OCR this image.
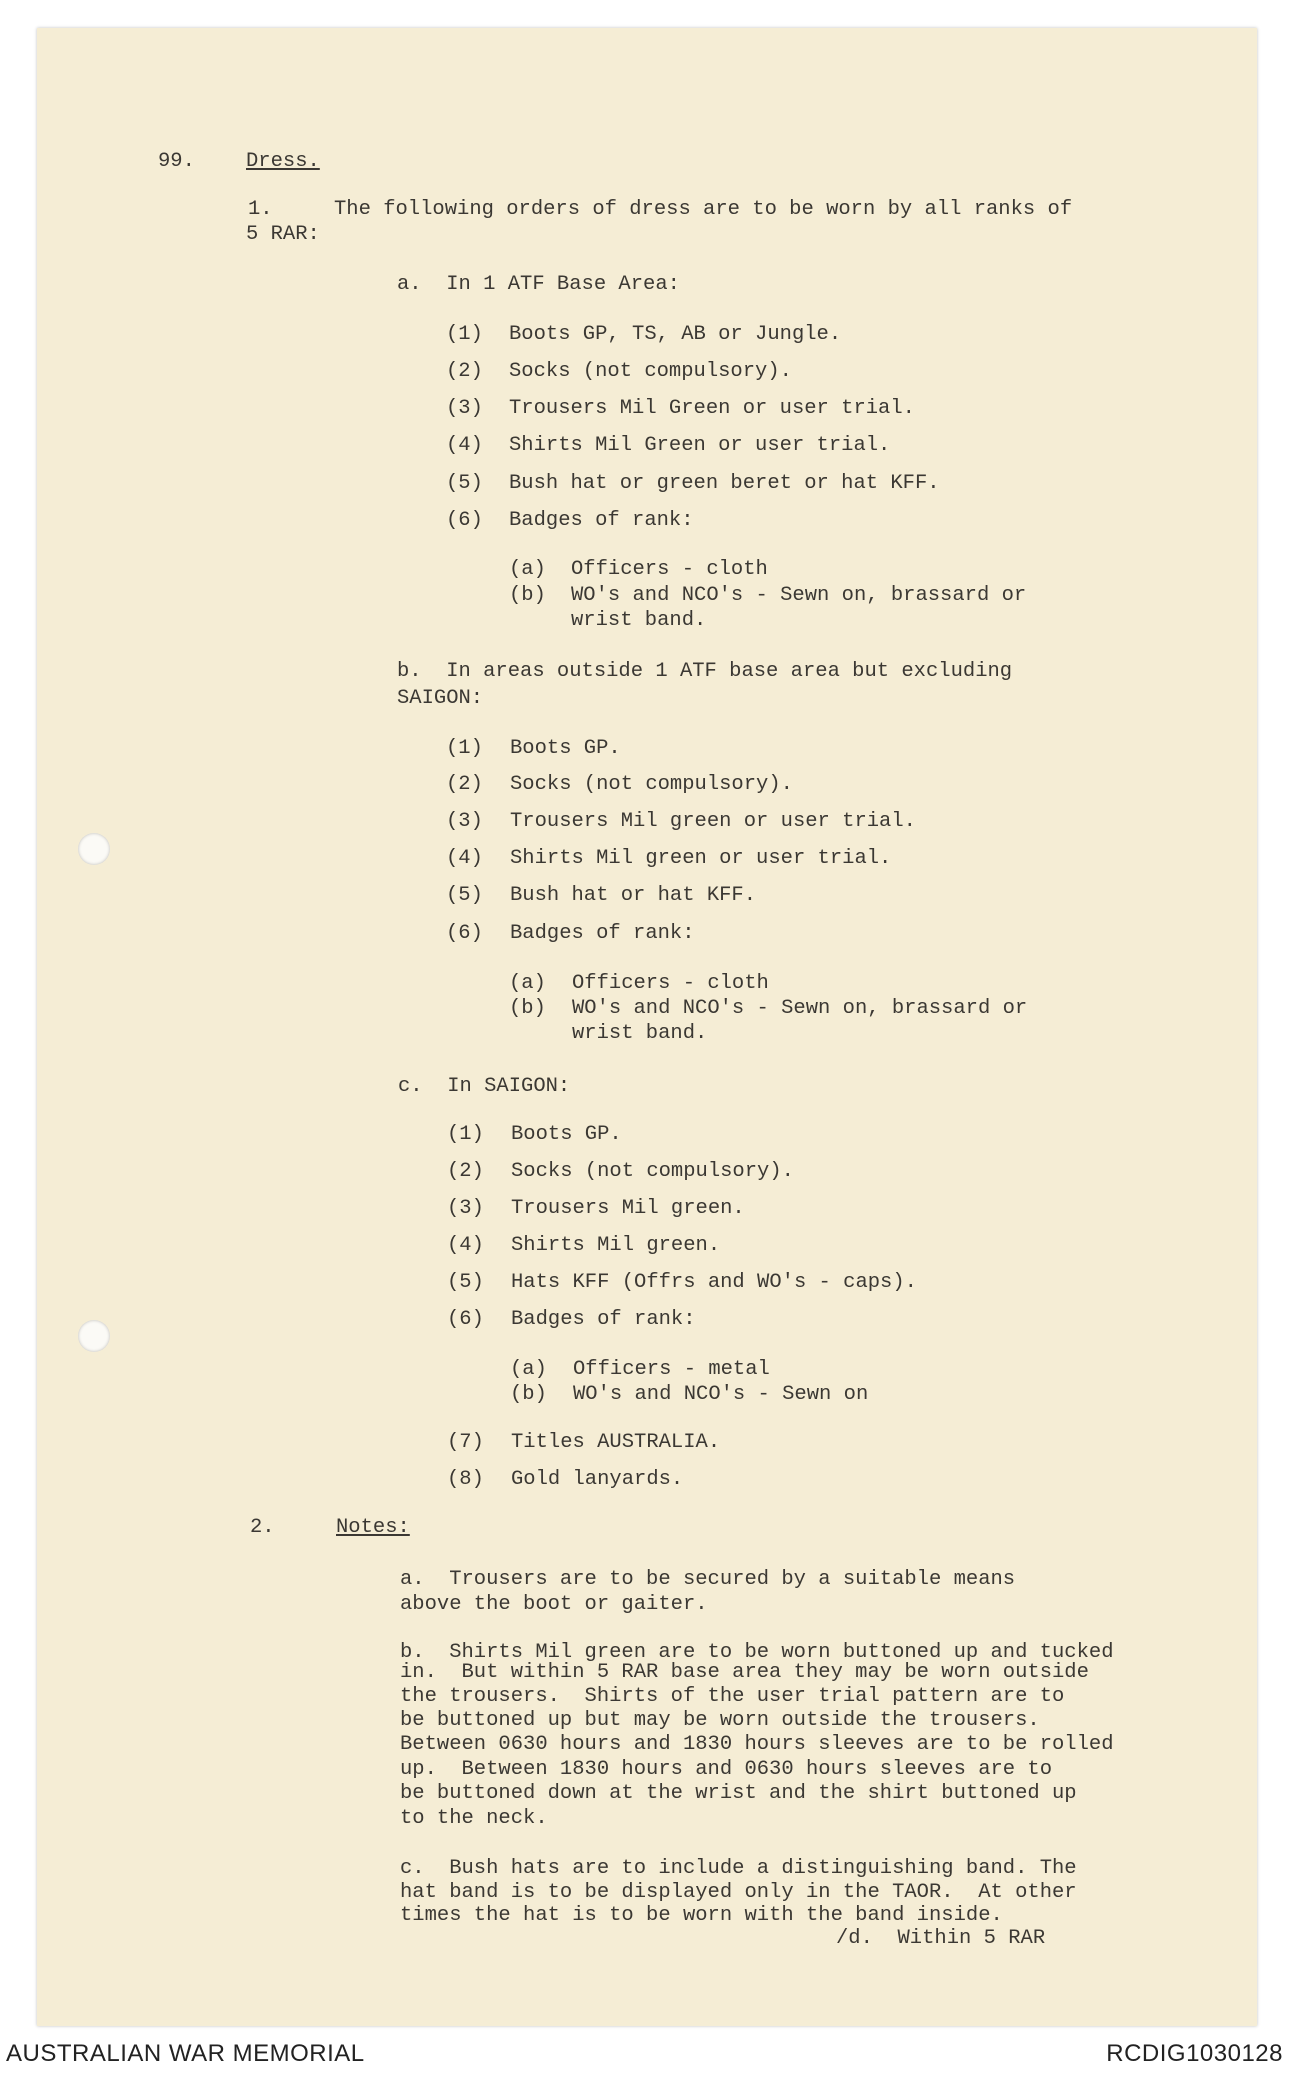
99. Dress.
1.	The following orders of dress are to be worn by all ranks of
5 RAR:
a.  In 1 ATF Base Area:
(1) Boots GP, TS, AB or Jungle.
(2) Socks (not compulsory).
(3) Trousers Mil Green or user trial.
(4) Shirts Mil Green or user trial.
(5) Bush hat or green beret or hat KFF.
(6) Badges of rank:
(a) Officers - cloth
(b) WO's and NCO's - Sewn on, brassard or
wrist band.
b.  In areas outside 1 ATF base area but excluding
SAIGON:
(1) Boots GP.
(2) Socks (not compulsory).
(3) Trousers Mil green or user trial.
(4) Shirts Mil green or user trial.
(5) Bush hat or hat KFF.
(6) Badges of rank:
(a) Officers - cloth
(b) WO's and NCO's - Sewn on, brassard or
wrist band.
c.  In SAIGON:
(1) Boots GP.
(2) Socks (not compulsory).
(3) Trousers Mil green.
(4) Shirts Mil green.
(5) Hats KFF (Offrs and WO's - caps).
(6) Badges of rank:
(a) Officers - metal
(b) WO's and NCO's - Sewn on
(7) Titles AUSTRALIA.
(8) Gold lanyards.
2.	Notes:
a.  Trousers are to be secured by a suitable means
above the boot or gaiter.
b.  Shirts Mil green are to be worn buttoned up and tucked
in.  But within 5 RAR base area they may be worn outside
the trousers.  Shirts of the user trial pattern are to
be buttoned up but may be worn outside the trousers.
Between 0630 hours and 1830 hours sleeves are to be rolled
up.  Between 1830 hours and 0630 hours sleeves are to
be buttoned down at the wrist and the shirt buttoned up
to the neck.
c.  Bush hats are to include a distinguishing band. The
hat band is to be displayed only in the TAOR.  At other
times the hat is to be worn with the band inside.
/d.  Within 5 RAR
AUSTRALIAN WAR MEMORIAL	RCDIG1030128
